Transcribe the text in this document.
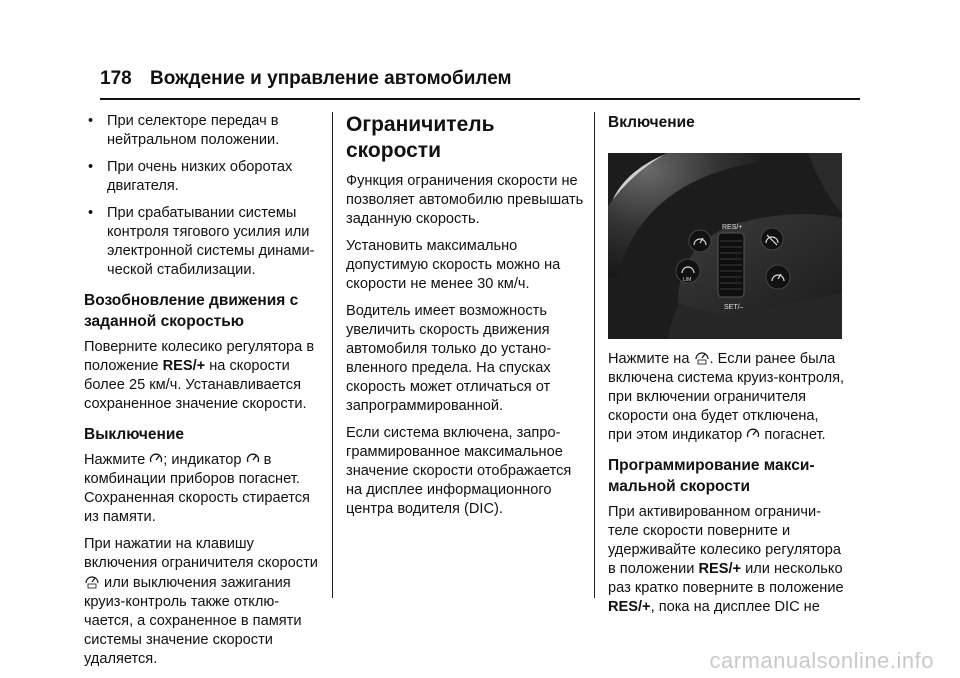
178 Вождение и управление автомобилем
• При селекторе передач в
нейтральном положении.
• При очень низких оборотах
двигателя.
• При срабатывании системы
контроля тягового усилия или
электронной системы динами-
ческой стабилизации.
Возобновление движения с
заданной скоростью

Поверните колесико регулятора в
положение RES/+ на скорости
более 25 км/ч. Устанавливается
сохраненное значение скорости.

Выключение

Нажмите ; индикатор  в
комбинации приборов погаснет.
Сохраненная скорость стирается
из памяти.

При нажатии на клавишу
включения ограничителя скорости
или выключения зажигания
круиз-контроль также отклю-
чается, а сохраненное в памяти
системы значение скорости
удаляется.

Ограничитель скорости

Функция ограничения скорости не
позволяет автомобилю превышать
заданную скорость.

Установить максимально
допустимую скорость можно на
скорости не менее 30 км/ч.

Водитель имеет возможность
увеличить скорость движения
автомобиля только до устано-
вленного предела. На спусках
скорость может отличаться от
запрограммированной.

Если система включена, запро-
граммированное максимальное
значение скорости отображается
на дисплее информационного
центра водителя (DIC).

Включение
RES/+
SET/–
LIM

Нажмите на . Если ранее была
включена система круиз-контроля,
при включении ограничителя
скорости она будет отключена,
при этом индикатор  погаснет.

Программирование макси-
мальной скорости

При активированном ограничи-
теле скорости поверните и
удерживайте колесико регулятора
в положении RES/+ или несколько
раз кратко поверните в положение
RES/+, пока на дисплее DIC не

carmanualsonline.info
